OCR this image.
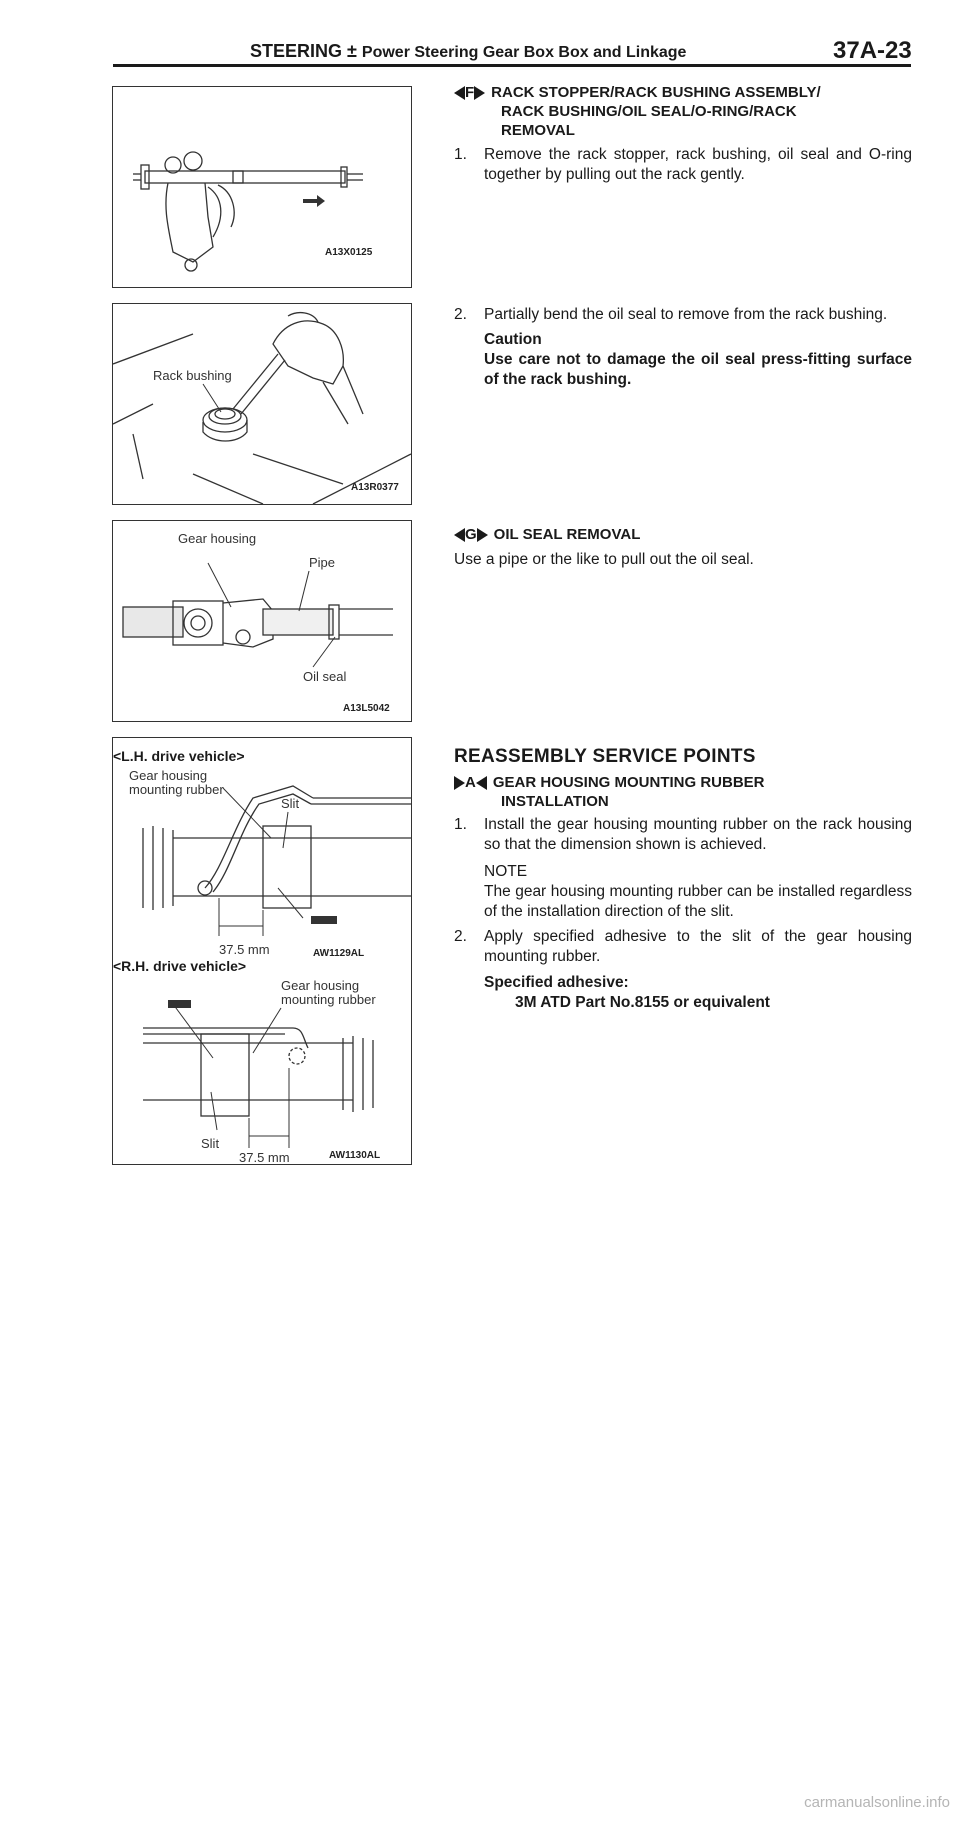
STEERING ± Power Steering Gear Box Box and Linkage	37A-23
A13X0125
Rack bushing
A13R0377
Gear housing
Pipe
Oil seal
A13L5042
<L.H. drive vehicle>
Gear housing
mounting rubber
Slit
37.5 mm	AW1129AL
<R.H. drive vehicle>
Gear housing
mounting rubber
Slit
37.5 mm	AW1130AL
F RACK STOPPER/RACK BUSHING ASSEMBLY/
RACK BUSHING/OIL SEAL/O-RING/RACK
REMOVAL
1. Remove the rack stopper, rack bushing, oil seal and O-ring together by pulling out the rack gently.
2. Partially bend the oil seal to remove from the rack bushing.
Caution
Use care not to damage the oil seal press-fitting surface of the rack bushing.
G OIL SEAL REMOVAL
Use a pipe or the like to pull out the oil seal.
REASSEMBLY SERVICE POINTS
A GEAR HOUSING MOUNTING RUBBER
INSTALLATION
1. Install the gear housing mounting rubber on the rack housing so that the dimension shown is achieved.
NOTE
The gear housing mounting rubber can be installed regardless of the installation direction of the slit.
2. Apply specified adhesive to the slit of the gear housing mounting rubber.
Specified adhesive:
3M ATD Part No.8155 or equivalent
carmanualsonline.info
